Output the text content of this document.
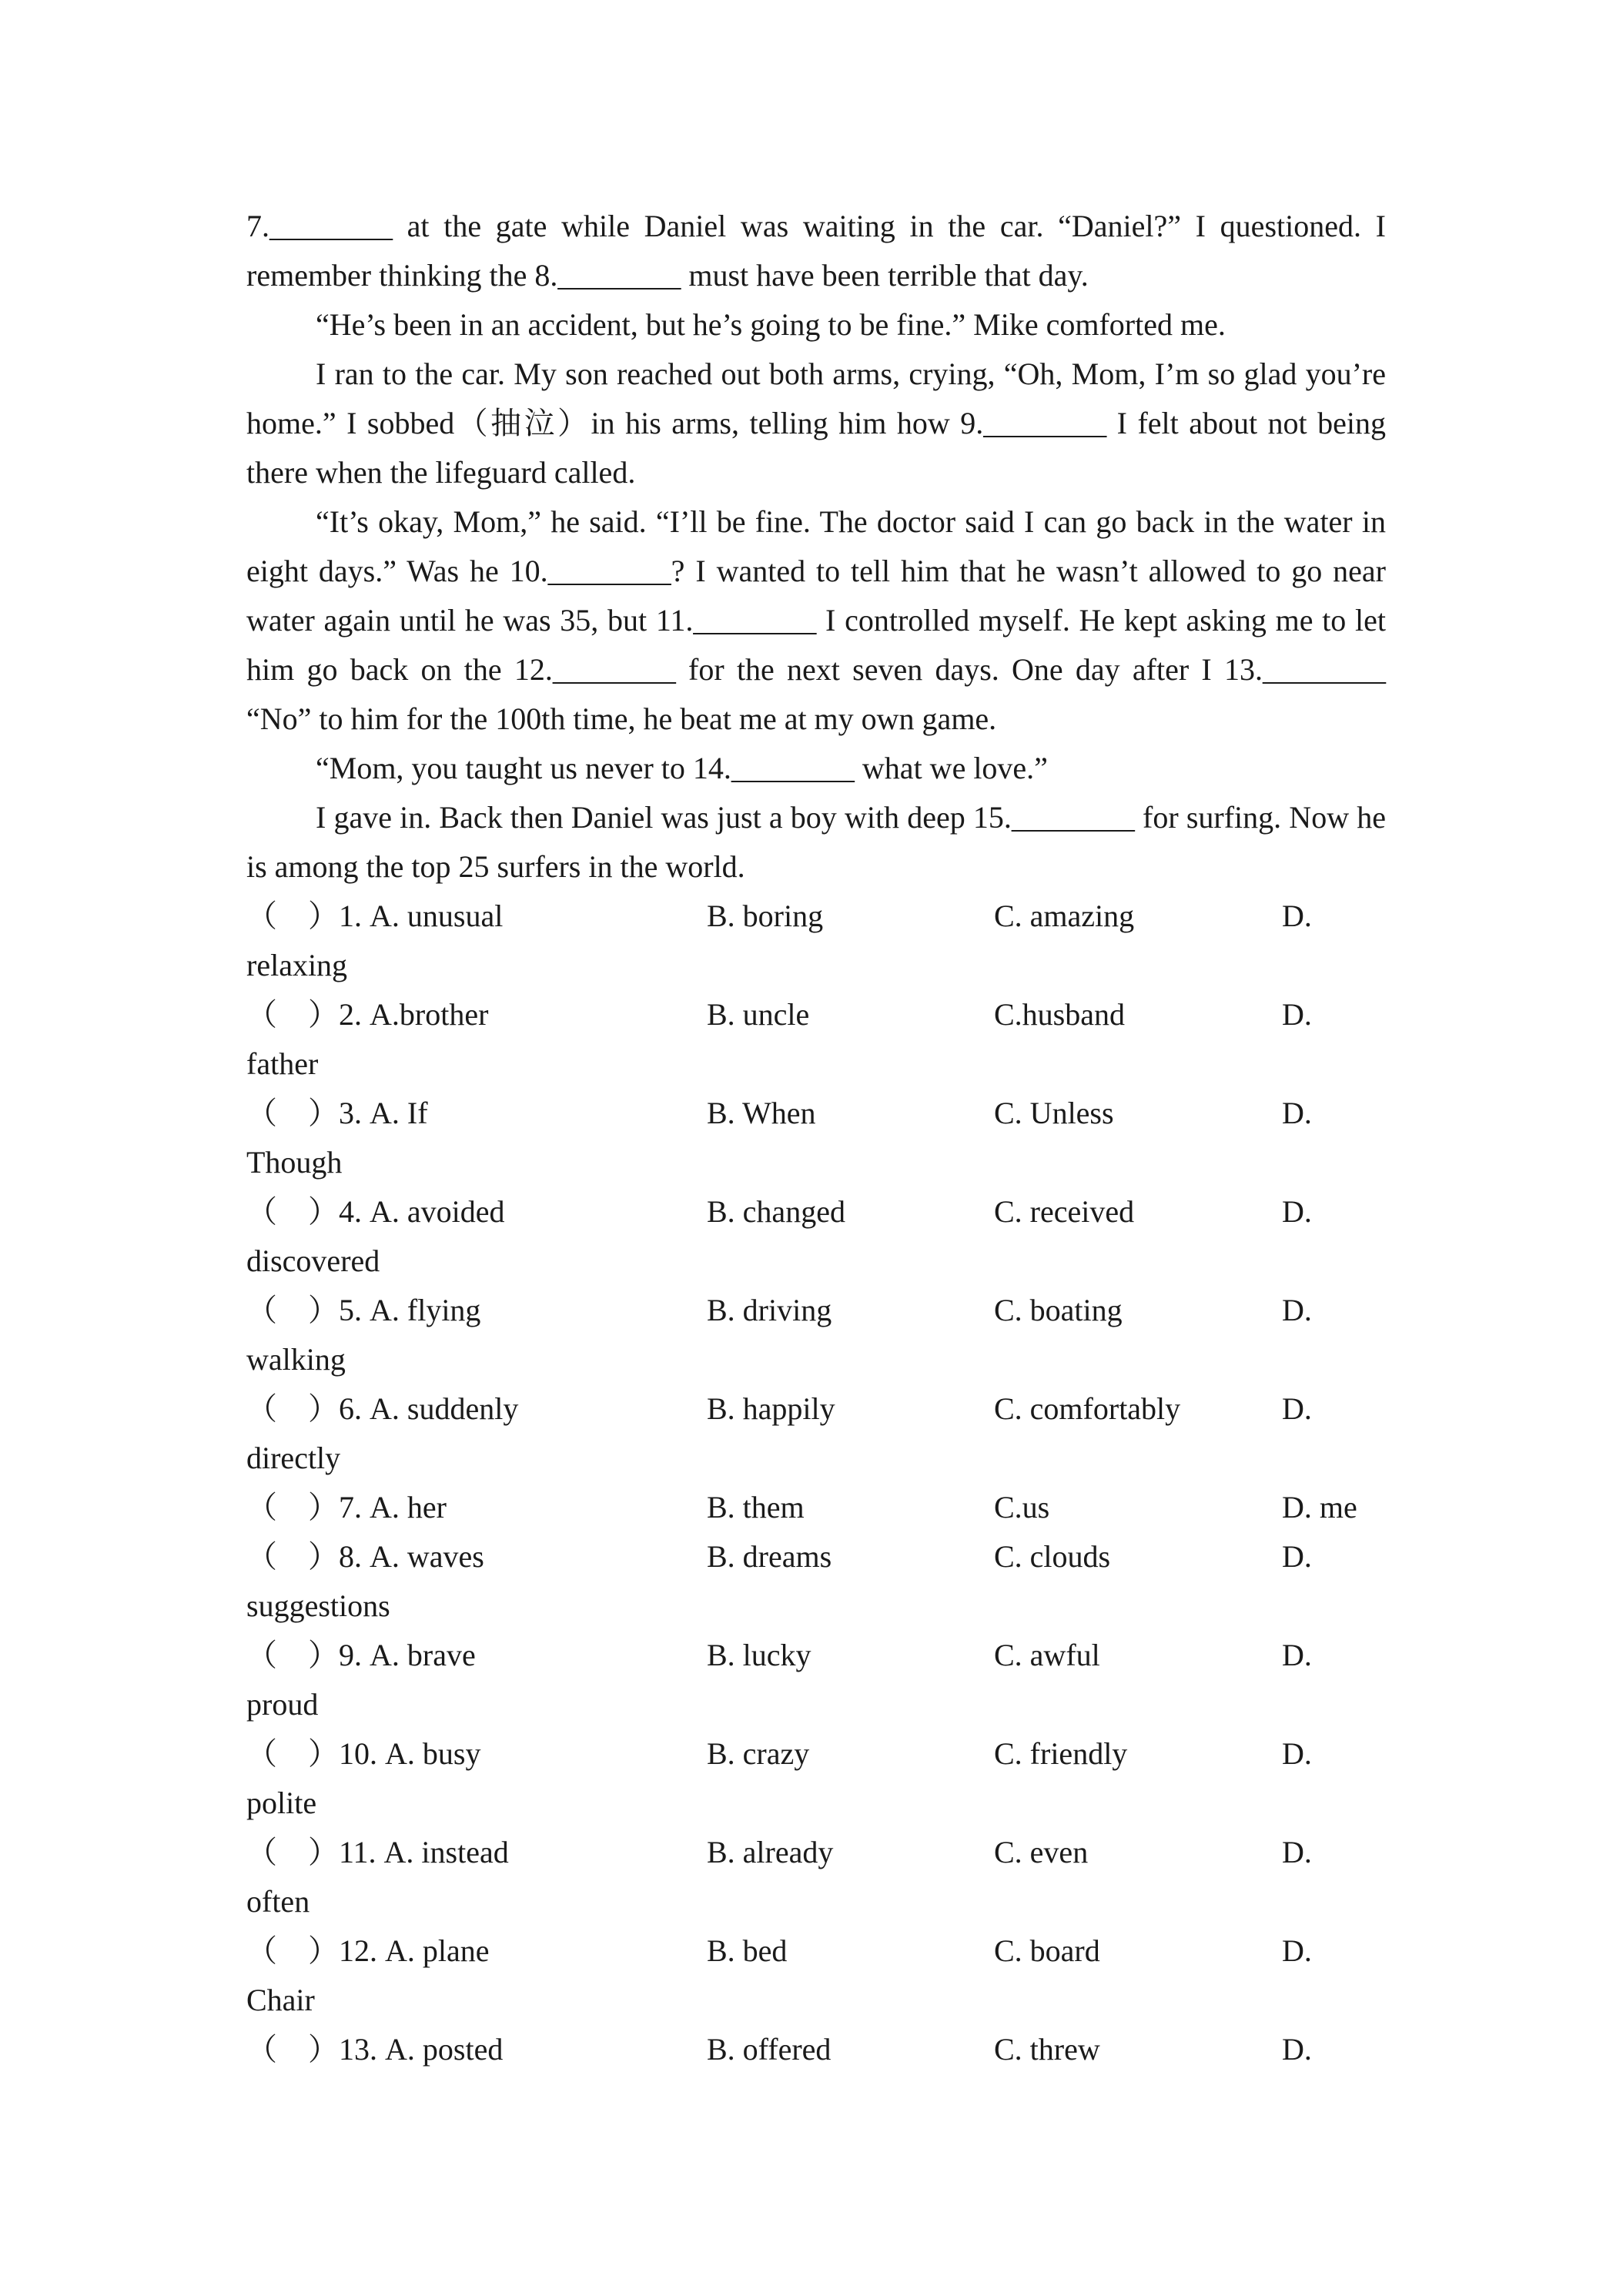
7.________ at the gate while Daniel was waiting in the car. “Daniel?” I questioned. I remember thinking the 8.________ must have been terrible that day.

“He’s been in an accident, but he’s going to be fine.” Mike comforted me.

I ran to the car. My son reached out both arms, crying, “Oh, Mom, I’m so glad you’re home.” I sobbed（抽泣）in his arms, telling him how 9.________ I felt about not being there when the lifeguard called.

“It’s okay, Mom,” he said. “I’ll be fine. The doctor said I can go back in the water in eight days.” Was he 10.________? I wanted to tell him that he wasn’t allowed to go near water again until he was 35, but 11.________ I controlled myself. He kept asking me to let him go back on the 12.________ for the next seven days. One day after I 13.________ “No” to him for the 100th time, he beat me at my own game.

“Mom, you taught us never to 14.________ what we love.”

I gave in. Back then Daniel was just a boy with deep 15.________ for surfing. Now he is among the top 25 surfers in the world.

（　）1. A. unusual	B. boring	C. amazing	D.
relaxing
（　）2. A.brother	B. uncle	C.husband	D.
father
（　）3. A. If	B. When	C. Unless	D.
Though
（　）4. A. avoided	B. changed	C. received	D.
discovered
（　）5. A. flying	B. driving	C. boating	D.
walking
（　）6. A. suddenly	B. happily	C. comfortably	D.
directly
（　）7. A. her	B. them	C.us	D. me
（　）8. A. waves	B. dreams	C. clouds	D.
suggestions
（　）9. A. brave	B. lucky	C. awful	D.
proud
（　）10. A. busy	B. crazy	C. friendly	D.
polite
（　）11. A. instead	B. already	C. even	D.
often
（　）12. A. plane	B. bed	C. board	D.
Chair
（　）13. A. posted	B. offered	C. threw	D.
